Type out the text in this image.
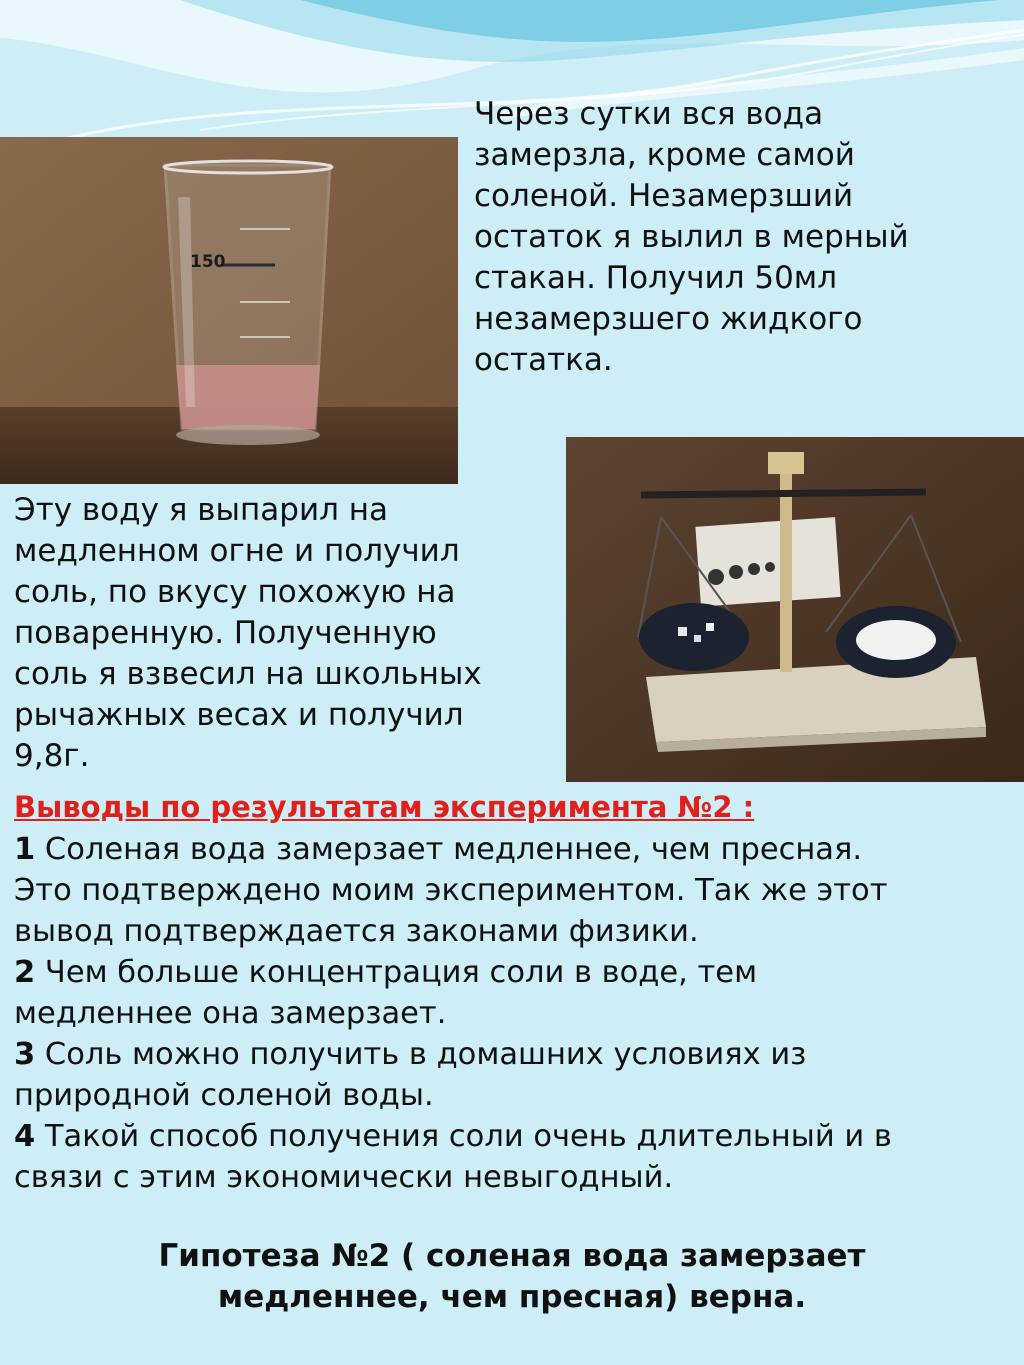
150
Через сутки вся вода
замерзла, кроме самой
соленой. Незамерзший
остаток я вылил в мерный
стакан. Получил 50мл
незамерзшего жидкого
остатка.
Эту воду я выпарил на
медленном огне и получил
соль, по вкусу похожую на
поваренную. Полученную
соль я взвесил на школьных
рычажных весах и получил
9,8г.
Выводы по результатам эксперимента №2 :
1 Соленая вода замерзает медленнее, чем пресная.
Это подтверждено моим экспериментом. Так же этот
вывод подтверждается законами физики.
2 Чем больше концентрация соли в воде, тем
медленнее она замерзает.
3 Соль можно получить в домашних условиях из
природной соленой воды.
4 Такой способ получения соли очень длительный и в
связи с этим экономически невыгодный.
Гипотеза №2 ( соленая вода замерзает
медленнее, чем пресная) верна.
